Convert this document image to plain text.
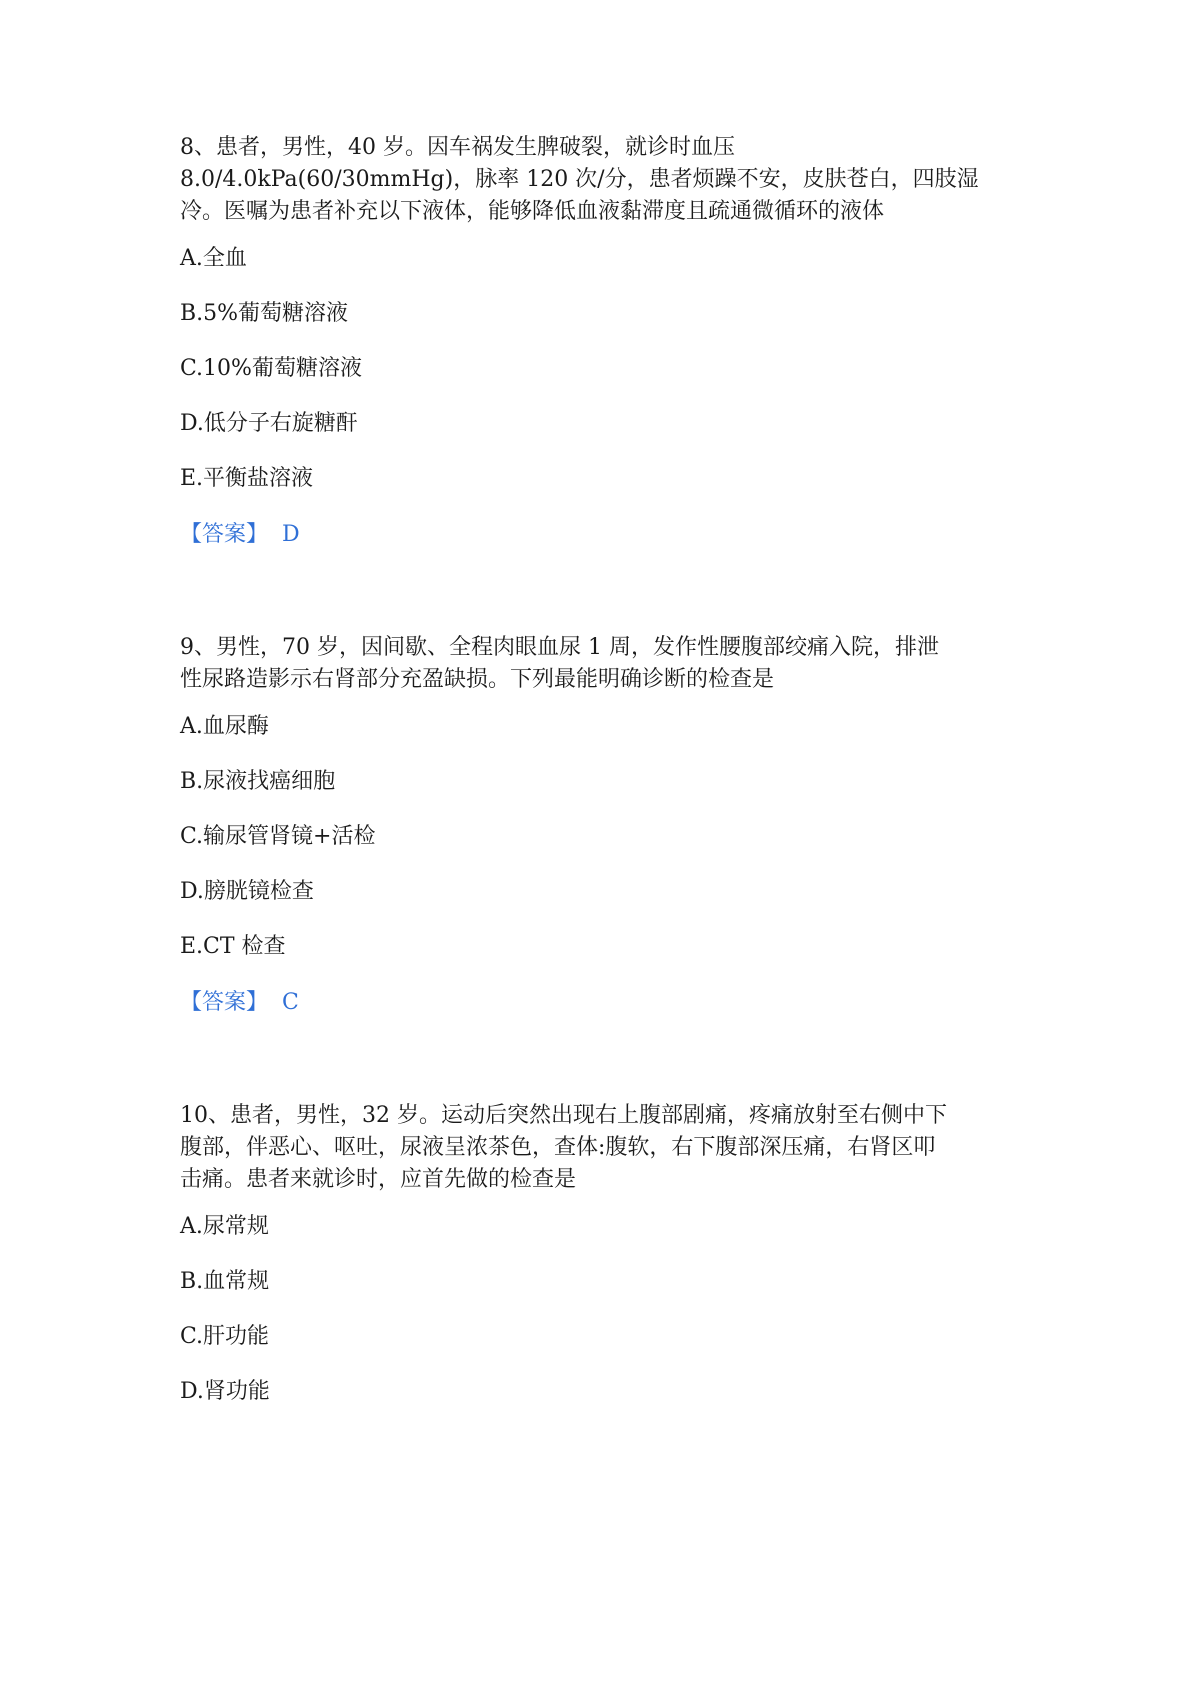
8、患者，男性，40 岁。因车祸发生脾破裂，就诊时血压
8.0/4.0kPa(60/30mmHg)，脉率 120 次/分，患者烦躁不安，皮肤苍白，四肢湿
冷。医嘱为患者补充以下液体，能够降低血液黏滞度且疏通微循环的液体
A.全血
B.5%葡萄糖溶液
C.10%葡萄糖溶液
D.低分子右旋糖酐
E.平衡盐溶液
【答案】 D
9、男性，70 岁，因间歇、全程肉眼血尿 1 周，发作性腰腹部绞痛入院，排泄
性尿路造影示右肾部分充盈缺损。下列最能明确诊断的检查是
A.血尿酶
B.尿液找癌细胞
C.输尿管肾镜+活检
D.膀胱镜检查
E.CT 检查
【答案】 C
10、患者，男性，32 岁。运动后突然出现右上腹部剧痛，疼痛放射至右侧中下
腹部，伴恶心、呕吐，尿液呈浓茶色，查体:腹软，右下腹部深压痛，右肾区叩
击痛。患者来就诊时，应首先做的检查是
A.尿常规
B.血常规
C.肝功能
D.肾功能
